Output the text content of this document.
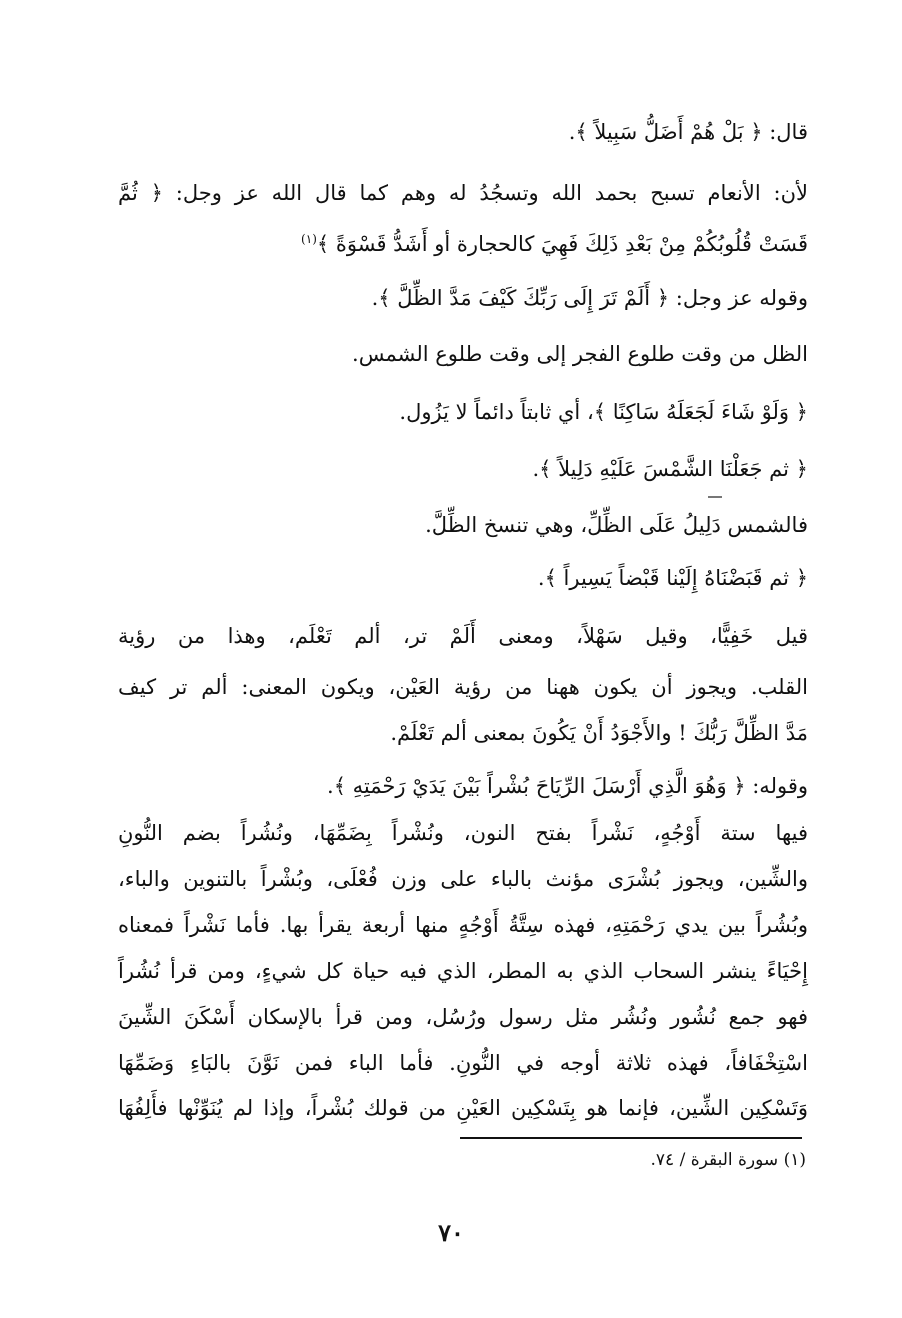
قال: ﴿ بَلْ هُمْ أَضَلُّ سَبِيلاً ﴾.
لأن: الأنعام تسبح بحمد الله وتسجُدُ له وهم كما قال الله عز وجل: ﴿ ثُمَّ
قَسَتْ قُلُوبُكُمْ مِنْ بَعْدِ ذَلِكَ فَهِيَ كالحجارة أو أَشَدُّ قَسْوَةً ﴾$^{(١)}$
وقوله عز وجل: ﴿ أَلَمْ تَرَ إِلَى رَبِّكَ كَيْفَ مَدَّ الظِّلَّ ﴾.
الظل من وقت طلوع الفجر إلى وقت طلوع الشمس.
﴿ وَلَوْ شَاءَ لَجَعَلَهُ سَاكِنًا ﴾، أي ثابتاً دائماً لا يَزُول.
﴿ ثم جَعَلْنَا الشَّمْسَ عَلَيْهِ دَلِيلاً ﴾.
فالشمس دَلِيلُ عَلَى الظِّلِّ، وهي تنسخ الظِّلَّ.
﴿ ثم قَبَضْنَاهُ إِلَيْنا قَبْضاً يَسِيراً ﴾.
قيل خَفِيًّا، وقيل سَهْلاً، ومعنى أَلَمْ تر، ألم تَعْلَم، وهذا من رؤية
القلب. ويجوز أن يكون ههنا من رؤية العَيْن، ويكون المعنى: ألم تر كيف
مَدَّ الظِّلَّ رَبُّكَ ! والأَجْوَدُ أَنْ يَكُونَ بمعنى ألم تَعْلَمْ.
وقوله: ﴿ وَهُوَ الَّذِي أَرْسَلَ الرِّيَاحَ بُشْراً بَيْنَ يَدَيْ رَحْمَتِهِ ﴾.
فيها ستة أَوْجُهٍ، نَشْراً بفتح النون، ونُشْراً بِضَمِّهَا، ونُشُراً بضم النُّونِ
والشِّين، ويجوز بُشْرَى مؤنث بالباء على وزن فُعْلَى، وبُشْراً بالتنوين والباء،
وبُشُراً بين يدي رَحْمَتِهِ، فهذه سِتَّةُ أَوْجُهٍ منها أربعة يقرأ بها. فأما نَشْراً فمعناه
إِحْيَاءً ينشر السحاب الذي به المطر، الذي فيه حياة كل شيءٍ، ومن قرأ نُشُراً
فهو جمع نُشُور ونُشُر مثل رسول ورُسُل، ومن قرأ بالإسكان أَسْكَنَ الشِّينَ
اسْتِخْفَافاً، فهذه ثلاثة أوجه في النُّونِ. فأما الباء فمن نَوَّنَ بالبَاءِ وَضَمِّهَا
وَتَسْكِين الشِّين، فإنما هو بِتَسْكِين العَيْنِ من قولك بُشْراً، وإذا لم يُنَوِّنْها فأَلِفُهَا
(١) سورة البقرة / ٧٤.
٧٠
